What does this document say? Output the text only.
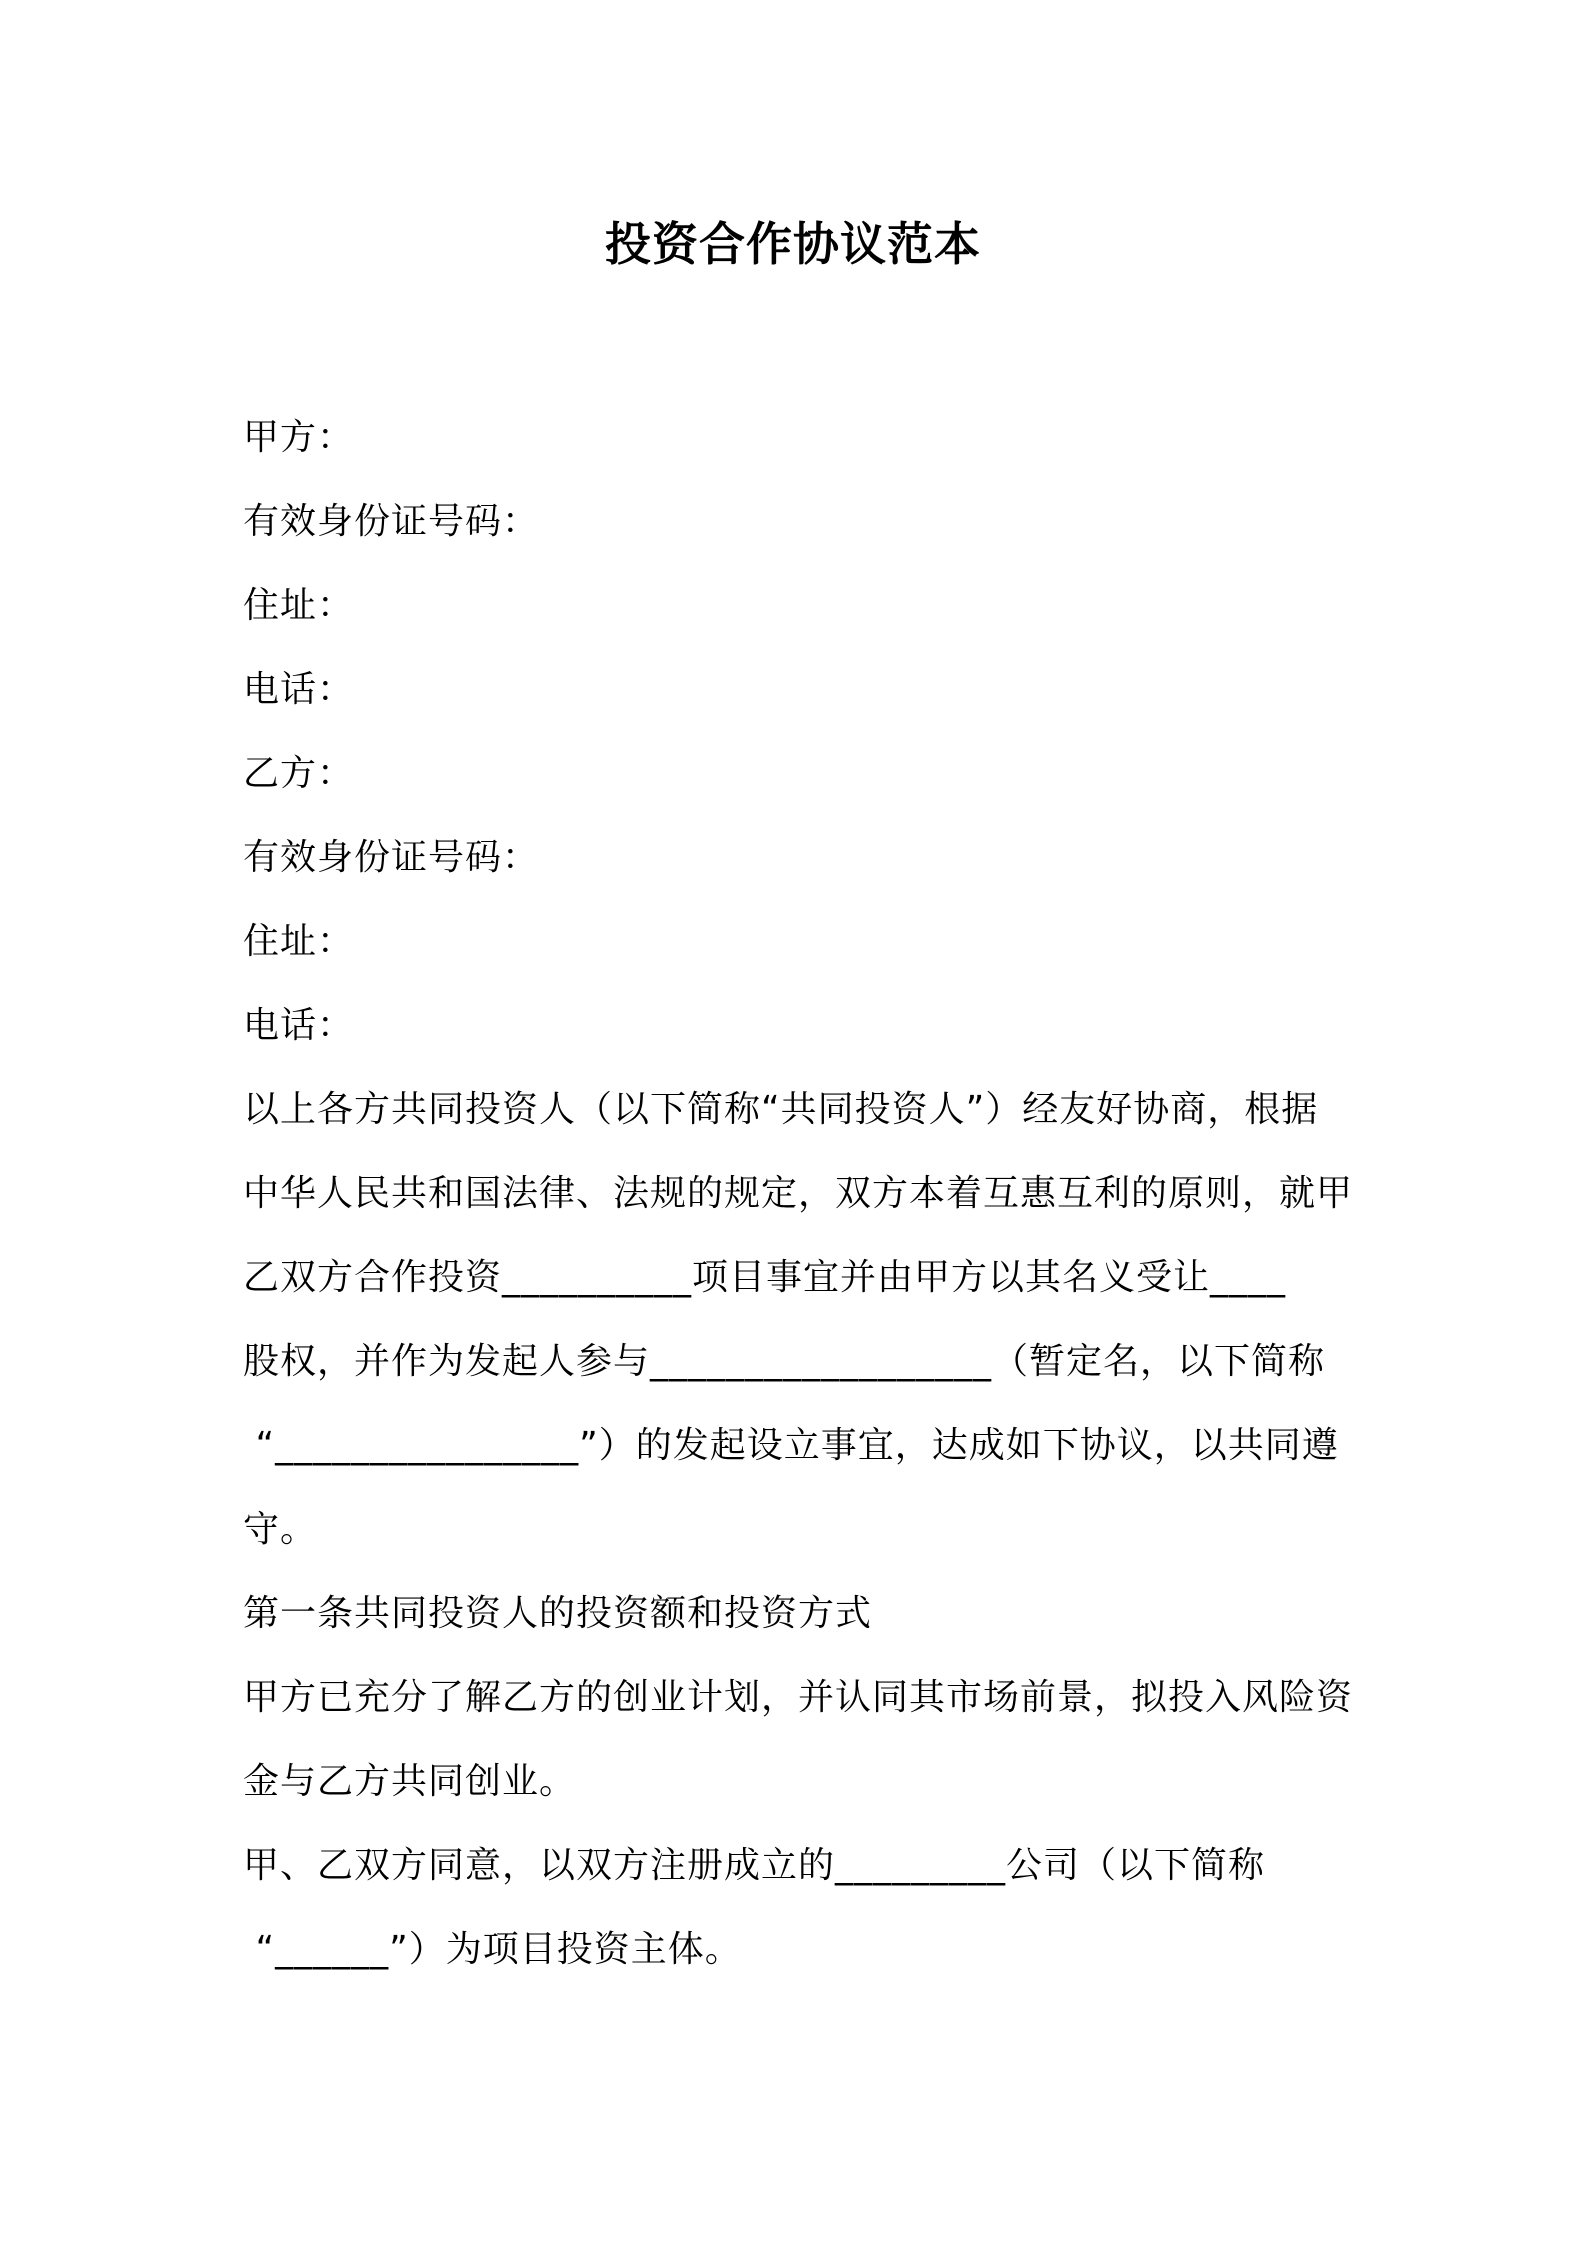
投资合作协议范本
甲方：
有效身份证号码：
住址：
电话：
乙方：
有效身份证号码：
住址：
电话：
以上各方共同投资人（以下简称“共同投资人”）经友好协商，根据
中华人民共和国法律、法规的规定，双方本着互惠互利的原则，就甲
乙双方合作投资__________项目事宜并由甲方以其名义受让____
股权，并作为发起人参与__________________（暂定名，以下简称
“________________”）的发起设立事宜，达成如下协议，以共同遵
守。
第一条共同投资人的投资额和投资方式
甲方已充分了解乙方的创业计划，并认同其市场前景，拟投入风险资
金与乙方共同创业。
甲、乙双方同意，以双方注册成立的_________公司（以下简称
“______”）为项目投资主体。
